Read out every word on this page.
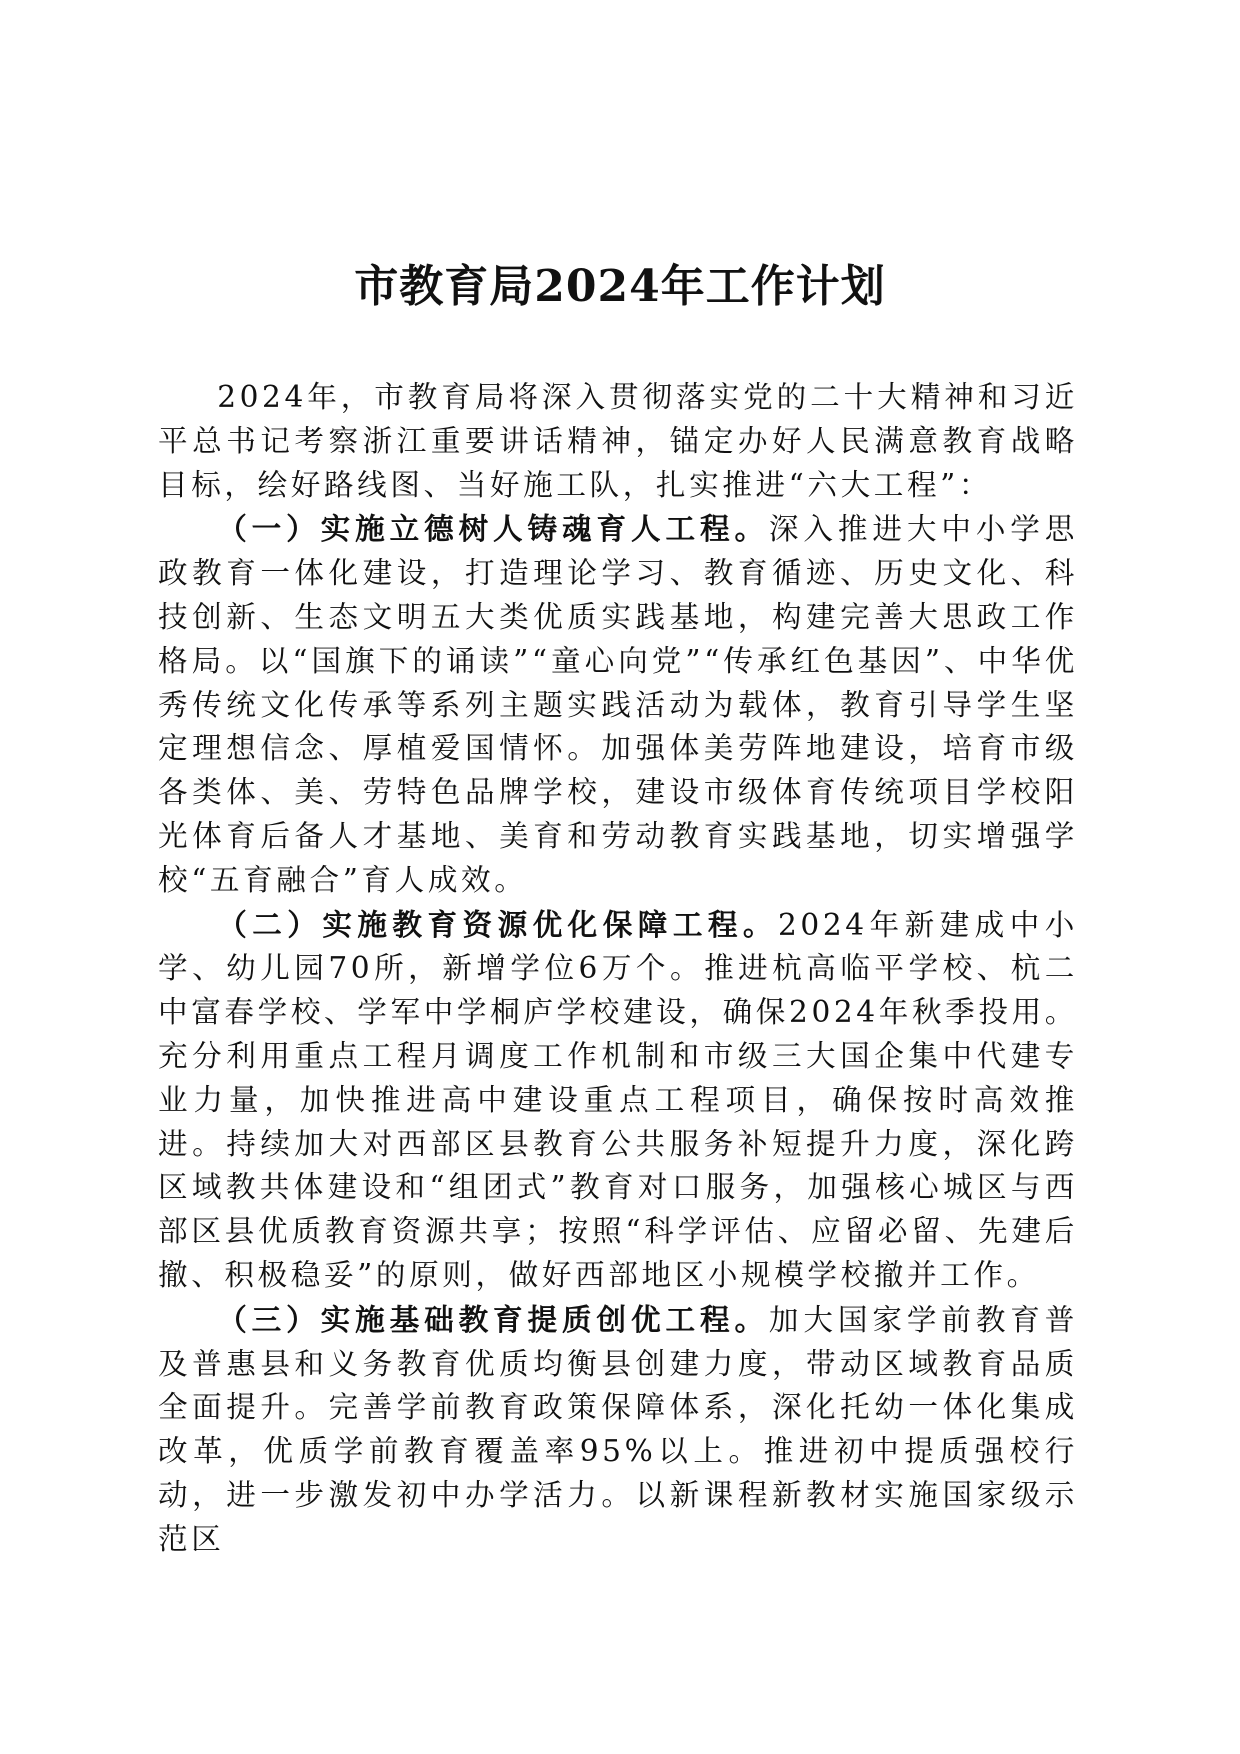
市教育局2024年工作计划

2024年，市教育局将深入贯彻落实党的二十大精神和习近平总书记考察浙江重要讲话精神，锚定办好人民满意教育战略目标，绘好路线图、当好施工队，扎实推进“六大工程”：

（一）实施立德树人铸魂育人工程。深入推进大中小学思政教育一体化建设，打造理论学习、教育循迹、历史文化、科技创新、生态文明五大类优质实践基地，构建完善大思政工作格局。以“国旗下的诵读”“童心向党”“传承红色基因”、中华优秀传统文化传承等系列主题实践活动为载体，教育引导学生坚定理想信念、厚植爱国情怀。加强体美劳阵地建设，培育市级各类体、美、劳特色品牌学校，建设市级体育传统项目学校阳光体育后备人才基地、美育和劳动教育实践基地，切实增强学校“五育融合”育人成效。

（二）实施教育资源优化保障工程。2024年新建成中小学、幼儿园70所，新增学位6万个。推进杭高临平学校、杭二中富春学校、学军中学桐庐学校建设，确保2024年秋季投用。充分利用重点工程月调度工作机制和市级三大国企集中代建专业力量，加快推进高中建设重点工程项目，确保按时高效推进。持续加大对西部区县教育公共服务补短提升力度，深化跨区域教共体建设和“组团式”教育对口服务，加强核心城区与西部区县优质教育资源共享；按照“科学评估、应留必留、先建后撤、积极稳妥”的原则，做好西部地区小规模学校撤并工作。

（三）实施基础教育提质创优工程。加大国家学前教育普及普惠县和义务教育优质均衡县创建力度，带动区域教育品质全面提升。完善学前教育政策保障体系，深化托幼一体化集成改革，优质学前教育覆盖率95%以上。推进初中提质强校行动，进一步激发初中办学活力。以新课程新教材实施国家级示范区
